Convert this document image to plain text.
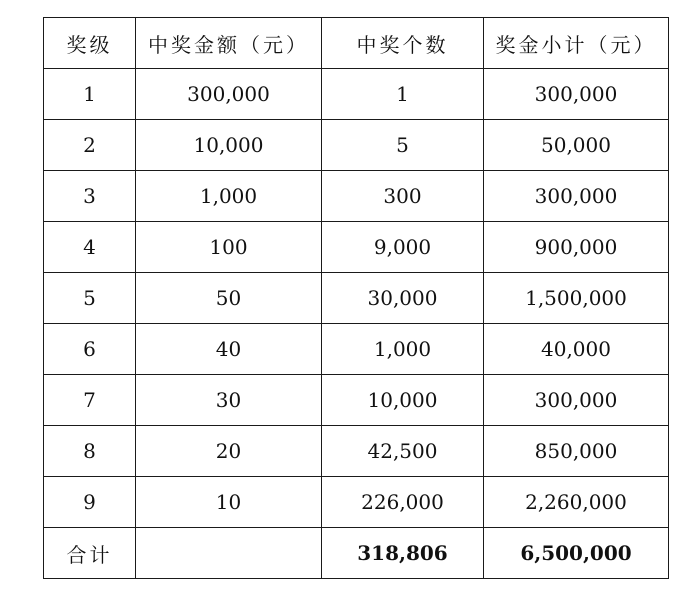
奖级	中奖金额（元）	中奖个数	奖金小计（元）
1	300,000	1	300,000
2	10,000	5	50,000
3	1,000	300	300,000
4	100	9,000	900,000
5	50	30,000	1,500,000
6	40	1,000	40,000
7	30	10,000	300,000
8	20	42,500	850,000
9	10	226,000	2,260,000
合计		318,806	6,500,000
